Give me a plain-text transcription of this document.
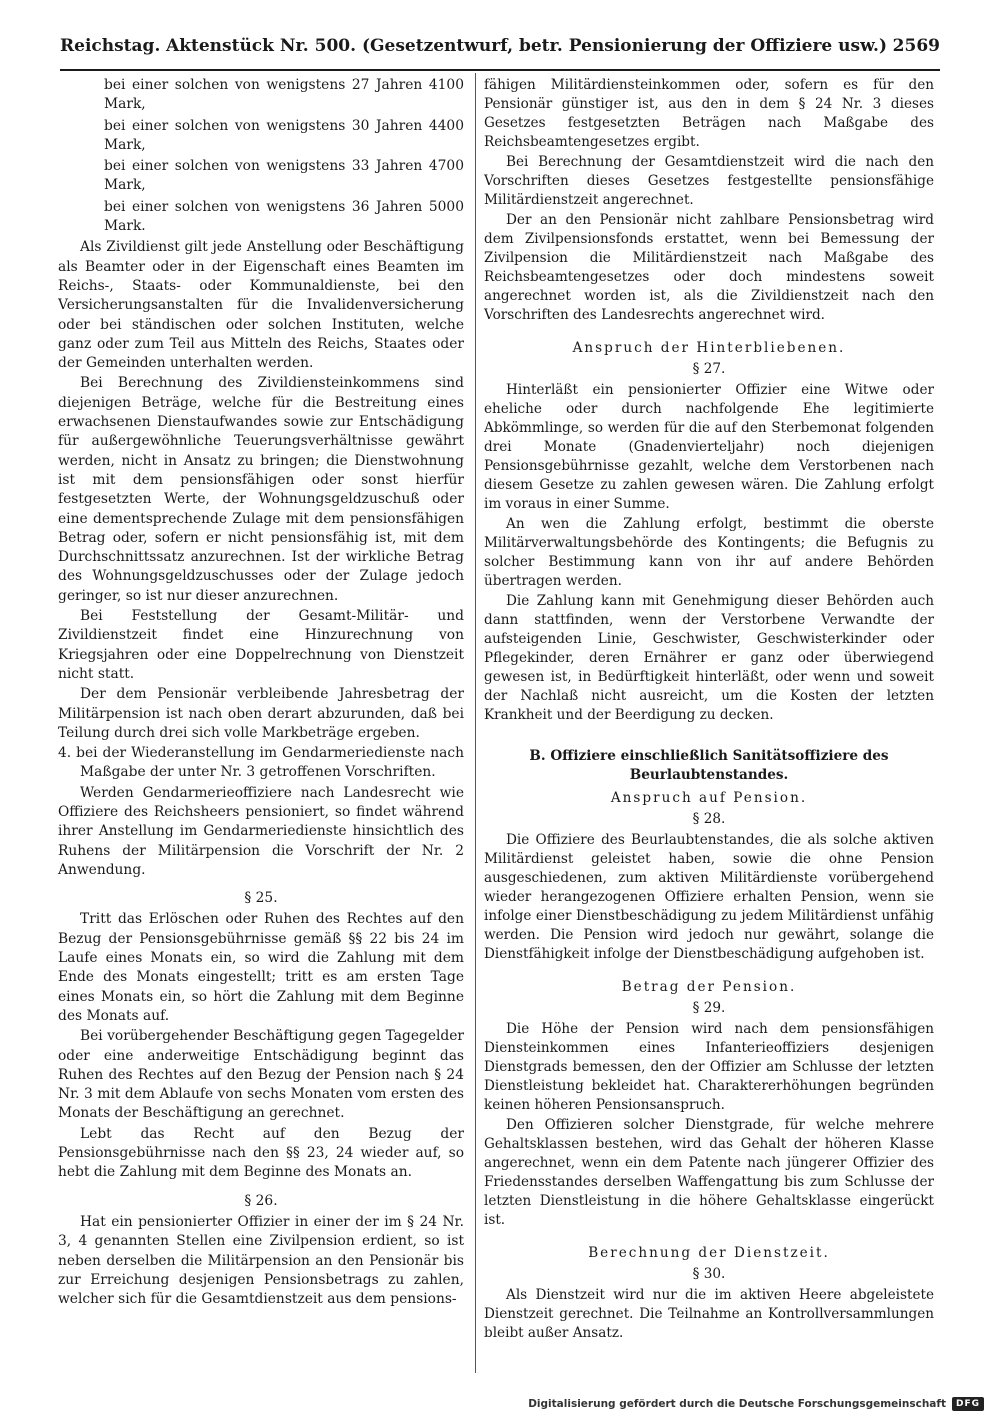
Reichstag. Aktenstück Nr. 500. (Gesetzentwurf, betr. Pensionierung der Offiziere usw.) 2569

bei einer solchen von wenigstens 27 Jahren 4100 Mark,

bei einer solchen von wenigstens 30 Jahren 4400 Mark,

bei einer solchen von wenigstens 33 Jahren 4700 Mark,

bei einer solchen von wenigstens 36 Jahren 5000 Mark.

Als Zivildienst gilt jede Anstellung oder Beschäftigung als Beamter oder in der Eigenschaft eines Beamten im Reichs-, Staats- oder Kommunaldienste, bei den Versicherungsanstalten für die Invalidenversicherung oder bei ständischen oder solchen Instituten, welche ganz oder zum Teil aus Mitteln des Reichs, Staates oder der Gemeinden unterhalten werden.

Bei Berechnung des Zivildiensteinkommens sind diejenigen Beträge, welche für die Bestreitung eines erwachsenen Dienstaufwandes sowie zur Entschädigung für außergewöhnliche Teuerungsverhältnisse gewährt werden, nicht in Ansatz zu bringen; die Dienstwohnung ist mit dem pensionsfähigen oder sonst hierfür festgesetzten Werte, der Wohnungsgeldzuschuß oder eine dementsprechende Zulage mit dem pensionsfähigen Betrag oder, sofern er nicht pensionsfähig ist, mit dem Durchschnittssatz anzurechnen. Ist der wirkliche Betrag des Wohnungsgeldzuschusses oder der Zulage jedoch geringer, so ist nur dieser anzurechnen.

Bei Feststellung der Gesamt-Militär- und Zivildienstzeit findet eine Hinzurechnung von Kriegsjahren oder eine Doppelrechnung von Dienstzeit nicht statt.

Der dem Pensionär verbleibende Jahresbetrag der Militärpension ist nach oben derart abzurunden, daß bei Teilung durch drei sich volle Markbeträge ergeben.

4. bei der Wiederanstellung im Gendarmeriedienste nach Maßgabe der unter Nr. 3 getroffenen Vorschriften.

Werden Gendarmerieoffiziere nach Landesrecht wie Offiziere des Reichsheers pensioniert, so findet während ihrer Anstellung im Gendarmeriedienste hinsichtlich des Ruhens der Militärpension die Vorschrift der Nr. 2 Anwendung.

§ 25.

Tritt das Erlöschen oder Ruhen des Rechtes auf den Bezug der Pensionsgebührnisse gemäß §§ 22 bis 24 im Laufe eines Monats ein, so wird die Zahlung mit dem Ende des Monats eingestellt; tritt es am ersten Tage eines Monats ein, so hört die Zahlung mit dem Beginne des Monats auf.

Bei vorübergehender Beschäftigung gegen Tagegelder oder eine anderweitige Entschädigung beginnt das Ruhen des Rechtes auf den Bezug der Pension nach § 24 Nr. 3 mit dem Ablaufe von sechs Monaten vom ersten des Monats der Beschäftigung an gerechnet.

Lebt das Recht auf den Bezug der Pensionsgebührnisse nach den §§ 23, 24 wieder auf, so hebt die Zahlung mit dem Beginne des Monats an.

§ 26.

Hat ein pensionierter Offizier in einer der im § 24 Nr. 3, 4 genannten Stellen eine Zivilpension erdient, so ist neben derselben die Militärpension an den Pensionär bis zur Erreichung desjenigen Pensionsbetrags zu zahlen, welcher sich für die Gesamtdienstzeit aus dem pensions-

fähigen Militärdiensteinkommen oder, sofern es für den Pensionär günstiger ist, aus den in dem § 24 Nr. 3 dieses Gesetzes festgesetzten Beträgen nach Maßgabe des Reichsbeamtengesetzes ergibt.

Bei Berechnung der Gesamtdienstzeit wird die nach den Vorschriften dieses Gesetzes festgestellte pensionsfähige Militärdienstzeit angerechnet.

Der an den Pensionär nicht zahlbare Pensionsbetrag wird dem Zivilpensionsfonds erstattet, wenn bei Bemessung der Zivilpension die Militärdienstzeit nach Maßgabe des Reichsbeamtengesetzes oder doch mindestens soweit angerechnet worden ist, als die Zivildienstzeit nach den Vorschriften des Landesrechts angerechnet wird.

Anspruch der Hinterbliebenen.
§ 27.

Hinterläßt ein pensionierter Offizier eine Witwe oder eheliche oder durch nachfolgende Ehe legitimierte Abkömmlinge, so werden für die auf den Sterbemonat folgenden drei Monate (Gnadenvierteljahr) noch diejenigen Pensionsgebührnisse gezahlt, welche dem Verstorbenen nach diesem Gesetze zu zahlen gewesen wären. Die Zahlung erfolgt im voraus in einer Summe.

An wen die Zahlung erfolgt, bestimmt die oberste Militärverwaltungsbehörde des Kontingents; die Befugnis zu solcher Bestimmung kann von ihr auf andere Behörden übertragen werden.

Die Zahlung kann mit Genehmigung dieser Behörden auch dann stattfinden, wenn der Verstorbene Verwandte der aufsteigenden Linie, Geschwister, Geschwisterkinder oder Pflegekinder, deren Ernährer er ganz oder überwiegend gewesen ist, in Bedürftigkeit hinterläßt, oder wenn und soweit der Nachlaß nicht ausreicht, um die Kosten der letzten Krankheit und der Beerdigung zu decken.

B. Offiziere einschließlich Sanitätsoffiziere des
Beurlaubtenstandes.
Anspruch auf Pension.
§ 28.

Die Offiziere des Beurlaubtenstandes, die als solche aktiven Militärdienst geleistet haben, sowie die ohne Pension ausgeschiedenen, zum aktiven Militärdienste vorübergehend wieder herangezogenen Offiziere erhalten Pension, wenn sie infolge einer Dienstbeschädigung zu jedem Militärdienst unfähig werden. Die Pension wird jedoch nur gewährt, solange die Dienstfähigkeit infolge der Dienstbeschädigung aufgehoben ist.

Betrag der Pension.
§ 29.

Die Höhe der Pension wird nach dem pensionsfähigen Diensteinkommen eines Infanterieoffiziers desjenigen Dienstgrads bemessen, den der Offizier am Schlusse der letzten Dienstleistung bekleidet hat. Charaktererhöhungen begründen keinen höheren Pensionsanspruch.

Den Offizieren solcher Dienstgrade, für welche mehrere Gehaltsklassen bestehen, wird das Gehalt der höheren Klasse angerechnet, wenn ein dem Patente nach jüngerer Offizier des Friedensstandes derselben Waffengattung bis zum Schlusse der letzten Dienstleistung in die höhere Gehaltsklasse eingerückt ist.

Berechnung der Dienstzeit.
§ 30.

Als Dienstzeit wird nur die im aktiven Heere abgeleistete Dienstzeit gerechnet. Die Teilnahme an Kontrollversammlungen bleibt außer Ansatz.

Digitalisierung gefördert durch die Deutsche Forschungsgemeinschaft	DFG
